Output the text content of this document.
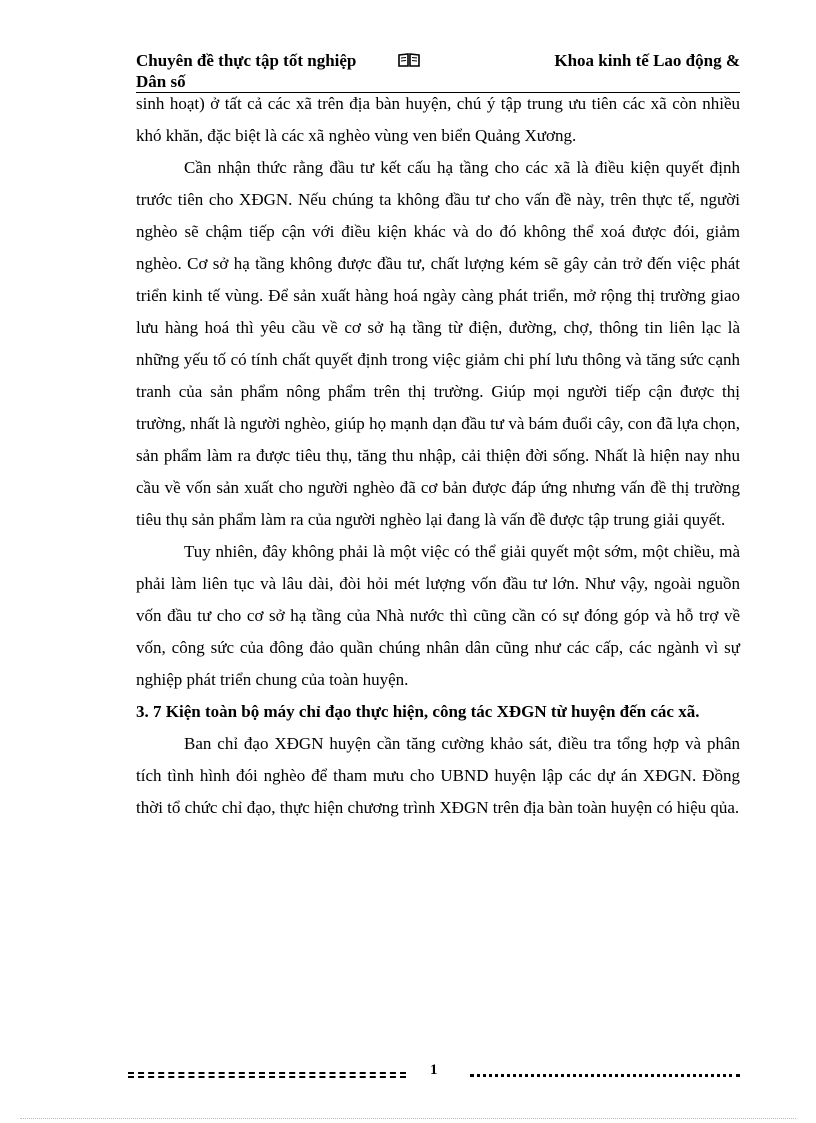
Chuyên đề thực tập tốt nghiệp	Khoa kinh tế Lao động &
Dân số

sinh hoạt) ở tất cả các xã trên địa bàn huyện, chú ý tập trung ưu tiên các xã còn nhiều khó khăn, đặc biệt là các xã nghèo vùng ven biển Quảng Xương.

Cần nhận thức rằng đầu tư kết cấu hạ tầng cho các xã là điều kiện quyết định trước tiên cho XĐGN. Nếu chúng ta không đầu tư cho vấn đề này, trên thực tế, người nghèo sẽ chậm tiếp cận với điều kiện khác và do đó không thể xoá được đói, giảm nghèo. Cơ sở hạ tầng không được đầu tư, chất lượng kém sẽ gây cản trở đến việc phát triển kinh tế vùng. Để sản xuất hàng hoá ngày càng phát triển, mở rộng thị trường giao lưu hàng hoá thì yêu cầu về cơ sở hạ tầng từ điện, đường, chợ, thông tin liên lạc là những yếu tố có tính chất quyết định trong việc giảm chi phí lưu thông và tăng sức cạnh tranh của sản phẩm nông phẩm trên thị trường. Giúp mọi người tiếp cận được thị trường, nhất là người nghèo, giúp họ mạnh dạn đầu tư và bám đuổi cây, con đã lựa chọn, sản phẩm làm ra được tiêu thụ, tăng thu nhập, cải thiện đời sống. Nhất là hiện nay nhu cầu về vốn sản xuất cho người nghèo đã cơ bản được đáp ứng nhưng vấn đề thị trường tiêu thụ sản phẩm làm ra của người nghèo lại đang là vấn đề được tập trung giải quyết.

Tuy nhiên, đây không phải là một việc có thể giải quyết một sớm, một chiều, mà phải làm liên tục và lâu dài, đòi hỏi mét lượng vốn đầu tư lớn. Như vậy, ngoài nguồn vốn đầu tư cho cơ sở hạ tầng của Nhà nước thì cũng cần có sự đóng góp và hỗ trợ về vốn, công sức của đông đảo quần chúng nhân dân cũng như các cấp, các ngành vì sự nghiệp phát triển chung của toàn huyện.

3. 7 Kiện toàn bộ máy chỉ đạo thực hiện, công tác XĐGN từ huyện đến các xã.

Ban chỉ đạo XĐGN huyện cần tăng cường khảo sát, điều tra tổng hợp và phân tích tình hình đói nghèo để tham mưu cho UBND huyện lập các dự án XĐGN. Đồng thời tổ chức chỉ đạo, thực hiện chương trình XĐGN trên địa bàn toàn huyện có hiệu qủa.

1
